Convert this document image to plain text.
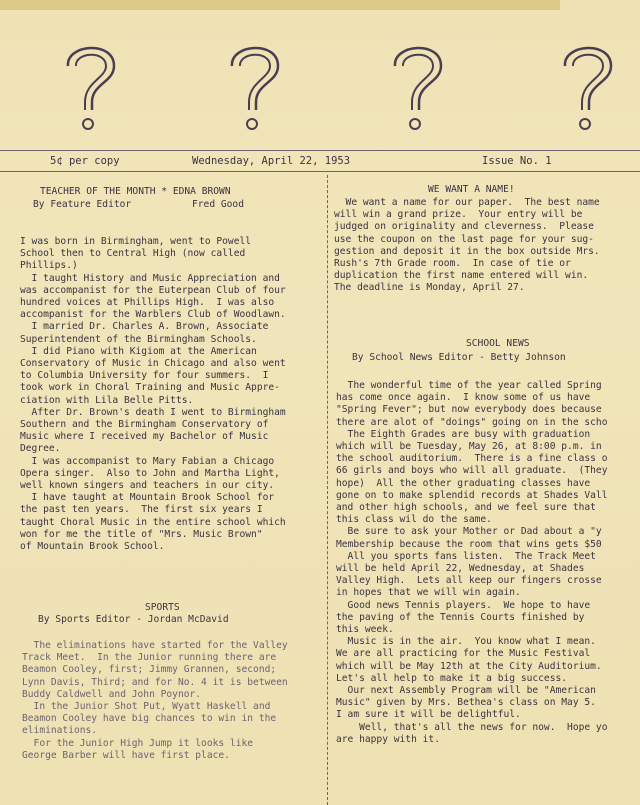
5¢ per copy	Wednesday, April 22, 1953	Issue No. 1
TEACHER OF THE MONTH * EDNA BROWN
By Feature Editor	Fred Good
I was born in Birmingham, went to Powell
School then to Central High (now called
Phillips.)
I taught History and Music Appreciation and
was accompanist for the Euterpean Club of four
hundred voices at Phillips High.  I was also
accompanist for the Warblers Club of Woodlawn.
I married Dr. Charles A. Brown, Associate
Superintendent of the Birmingham Schools.
I did Piano with Kigiom at the American
Conservatory of Music in Chicago and also went
to Columbia University for four summers.  I
took work in Choral Training and Music Appre-
ciation with Lila Belle Pitts.
After Dr. Brown's death I went to Birmingham
Southern and the Birmingham Conservatory of
Music where I received my Bachelor of Music
Degree.
I was accompanist to Mary Fabian a Chicago
Opera singer.  Also to John and Martha Light,
well known singers and teachers in our city.
I have taught at Mountain Brook School for
the past ten years.  The first six years I
taught Choral Music in the entire school which
won for me the title of "Mrs. Music Brown"
of Mountain Brook School.
SPORTS
By Sports Editor - Jordan McDavid
The eliminations have started for the Valley
Track Meet.  In the Junior running there are
Beamon Cooley, first; Jimmy Grannen, second;
Lynn Davis, Third; and for No. 4 it is between
Buddy Caldwell and John Poynor.
In the Junior Shot Put, Wyatt Haskell and
Beamon Cooley have big chances to win in the
eliminations.
For the Junior High Jump it looks like
George Barber will have first place.
WE WANT A NAME!
We want a name for our paper.  The best name
will win a grand prize.  Your entry will be
judged on originality and cleverness.  Please
use the coupon on the last page for your sug-
gestion and deposit it in the box outside Mrs.
Rush's 7th Grade room.  In case of tie or
duplication the first name entered will win.
The deadline is Monday, April 27.
SCHOOL NEWS
By School News Editor - Betty Johnson
The wonderful time of the year called Spring
has come once again.  I know some of us have
"Spring Fever"; but now everybody does because
there are alot of "doings" going on in the scho
The Eighth Grades are busy with graduation
which will be Tuesday, May 26, at 8:00 p.m. in
the school auditorium.  There is a fine class o
66 girls and boys who will all graduate.  (They
hope)  All the other graduating classes have
gone on to make splendid records at Shades Vall
and other high schools, and we feel sure that
this class wil do the same.
Be sure to ask your Mother or Dad about a "y
Membership because the room that wins gets $50
All you sports fans listen.  The Track Meet
will be held April 22, Wednesday, at Shades
Valley High.  Lets all keep our fingers crosse
in hopes that we will win again.
Good news Tennis players.  We hope to have
the paving of the Tennis Courts finished by
this week.
Music is in the air.  You know what I mean.
We are all practicing for the Music Festival
which will be May 12th at the City Auditorium.
Let's all help to make it a big success.
Our next Assembly Program will be "American
Music" given by Mrs. Bethea's class on May 5.
I am sure it will be delightful.
Well, that's all the news for now.  Hope yo
are happy with it.
